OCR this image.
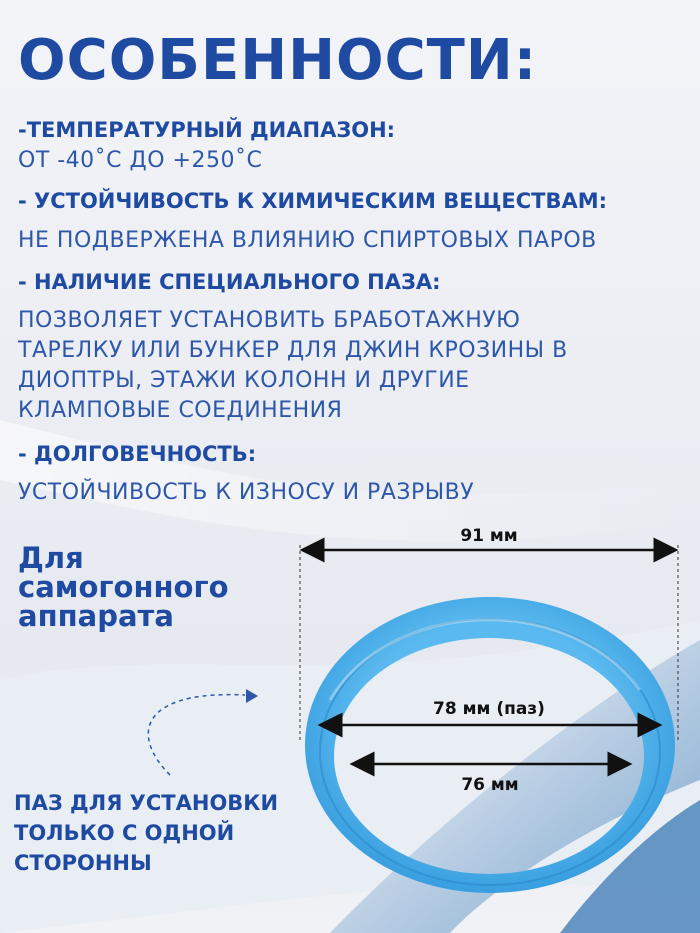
ОСОБЕННОСТИ:

-ТЕМПЕРАТУРНЫЙ ДИАПАЗОН:

ОТ -40˚С ДО +250˚С

- УСТОЙЧИВОСТЬ К ХИМИЧЕСКИМ ВЕЩЕСТВАМ:

НЕ ПОДВЕРЖЕНА ВЛИЯНИЮ СПИРТОВЫХ ПАРОВ

- НАЛИЧИЕ СПЕЦИАЛЬНОГО ПАЗА:

ПОЗВОЛЯЕТ УСТАНОВИТЬ БРАБОТАЖНУЮ

ТАРЕЛКУ ИЛИ БУНКЕР ДЛЯ ДЖИН КРОЗИНЫ В

ДИОПТРЫ, ЭТАЖИ КОЛОНН И ДРУГИЕ

КЛАМПОВЫЕ СОЕДИНЕНИЯ

- ДОЛГОВЕЧНОСТЬ:

УСТОЙЧИВОСТЬ К ИЗНОСУ И РАЗРЫВУ

Для
самогонного
аппарата
ПАЗ ДЛЯ УСТАНОВКИ
ТОЛЬКО С ОДНОЙ
СТОРОННЫ
91 мм
78 мм (паз)
76 мм
